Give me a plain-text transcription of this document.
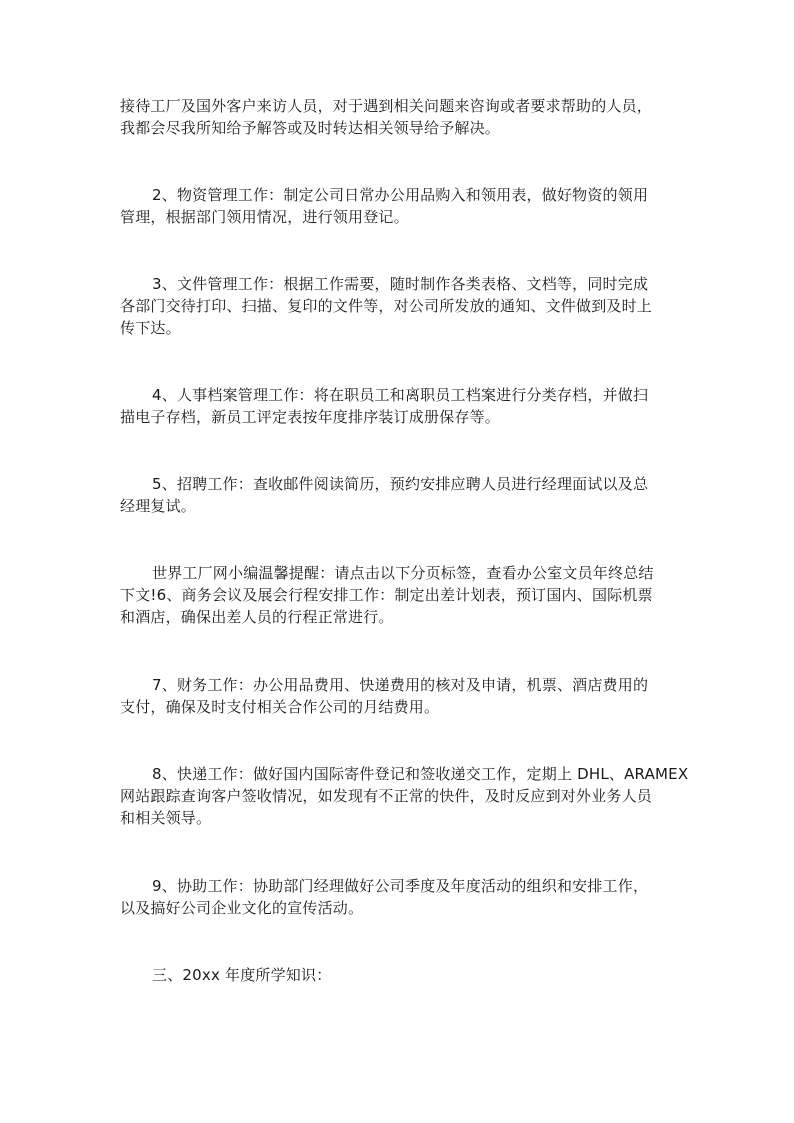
接待工厂及国外客户来访人员，对于遇到相关问题来咨询或者要求帮助的人员，
我都会尽我所知给予解答或及时转达相关领导给予解决。

2、物资管理工作：制定公司日常办公用品购入和领用表，做好物资的领用
管理，根据部门领用情况，进行领用登记。

3、文件管理工作：根据工作需要，随时制作各类表格、文档等，同时完成
各部门交待打印、扫描、复印的文件等，对公司所发放的通知、文件做到及时上
传下达。

4、人事档案管理工作：将在职员工和离职员工档案进行分类存档，并做扫
描电子存档，新员工评定表按年度排序装订成册保存等。

5、招聘工作：查收邮件阅读简历，预约安排应聘人员进行经理面试以及总
经理复试。

世界工厂网小编温馨提醒：请点击以下分页标签，查看办公室文员年终总结
下文!6、商务会议及展会行程安排工作：制定出差计划表，预订国内、国际机票
和酒店，确保出差人员的行程正常进行。

7、财务工作：办公用品费用、快递费用的核对及申请，机票、酒店费用的
支付，确保及时支付相关合作公司的月结费用。

8、快递工作：做好国内国际寄件登记和签收递交工作，定期上 DHL、ARAMEX
网站跟踪查询客户签收情况，如发现有不正常的快件，及时反应到对外业务人员
和相关领导。

9、协助工作：协助部门经理做好公司季度及年度活动的组织和安排工作，
以及搞好公司企业文化的宣传活动。

三、20xx 年度所学知识：
